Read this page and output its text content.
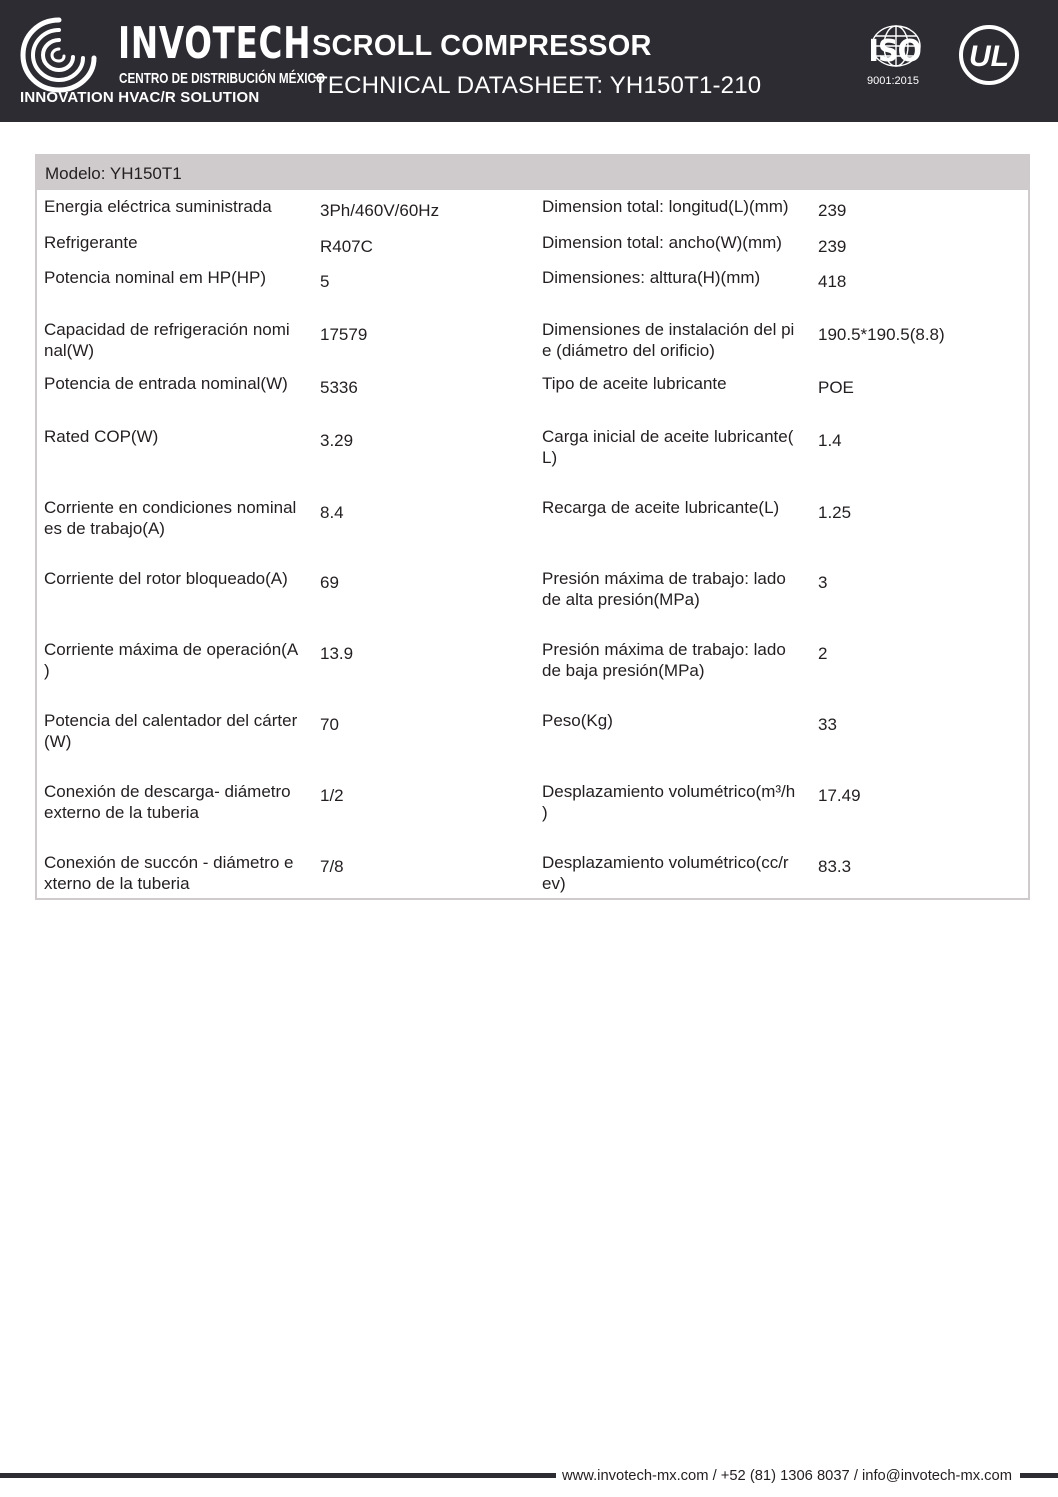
INVOTECH
CENTRO DE DISTRIBUCIÓN MÉXICO
INNOVATION HVAC/R SOLUTION
SCROLL COMPRESSOR
TECHNICAL DATASHEET: YH150T1-210
ISO
9001:2015
UL
Modelo: YH150T1
Energia eléctrica suministrada	3Ph/460V/60Hz	Dimension total: longitud(L)(mm) 239
Refrigerante	R407C	Dimension total: ancho(W)(mm) 239
Potencia nominal em HP(HP)	5	Dimensiones: alttura(H)(mm)	418
Capacidad de refrigeración nomi
nal(W)
17579	Dimensiones de instalación del pi
e (diámetro del orificio)
190.5*190.5(8.8)
Potencia de entrada nominal(W) 5336	Tipo de aceite lubricante	POE
Rated COP(W)	3.29	Carga inicial de aceite lubricante(
L)
1.4
Corriente en condiciones nominal
es de trabajo(A)
8.4	Recarga de aceite lubricante(L) 1.25
Corriente del rotor bloqueado(A) 69	Presión máxima de trabajo: lado
de alta presión(MPa)
3
Corriente máxima de operación(A
)
13.9	Presión máxima de trabajo: lado
de baja presión(MPa)
2
Potencia del calentador del cárter
(W)
70	Peso(Kg)	33
Conexión de descarga- diámetro
externo de la tuberia
1/2	Desplazamiento volumétrico(m³/h
)
17.49
Conexión de succón - diámetro e
xterno de la tuberia
7/8	Desplazamiento volumétrico(cc/r
ev)
83.3
www.invotech-mx.com / +52 (81) 1306 8037 / info@invotech-mx.com
